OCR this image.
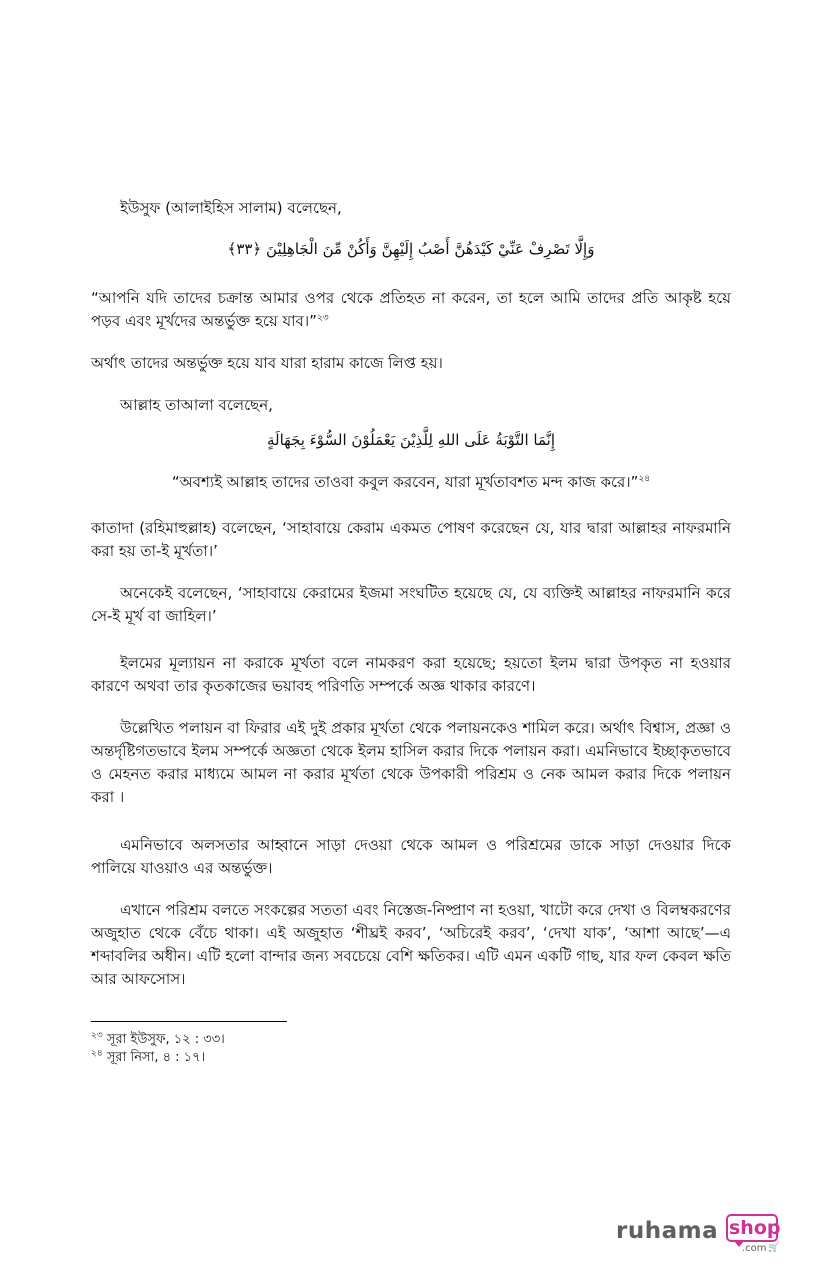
ইউসুফ (আলাইহিস সালাম) বলেছেন,
وَإِلَّا تَصْرِفْ عَنِّيْ كَيْدَهُنَّ أَصْبُ إِلَيْهِنَّ وَأَكُنْ مِّنَ الْجَاهِلِيْنَ ﴿٣٣﴾
“আপনি যদি তাদের চক্রান্ত আমার ওপর থেকে প্রতিহত না করেন, তা হলে আমি তাদের প্রতি আকৃষ্ট হয়ে পড়ব এবং মূর্খদের অন্তর্ভুক্ত হয়ে যাব।”$^{২৩}$
অর্থাৎ তাদের অন্তর্ভুক্ত হয়ে যাব যারা হারাম কাজে লিপ্ত হয়।
আল্লাহ তাআলা বলেছেন,
إِنَّمَا التَّوْبَةُ عَلَى اللهِ لِلَّذِيْنَ يَعْمَلُوْنَ السُّوْءَ بِجَهَالَةٍ
“অবশ্যই আল্লাহ তাদের তাওবা কবুল করবেন, যারা মূর্খতাবশত মন্দ কাজ করে।”$^{২৪}$
কাতাদা (রহিমাহুল্লাহ) বলেছেন, ‘সাহাবায়ে কেরাম একমত পোষণ করেছেন যে, যার দ্বারা আল্লাহর নাফরমানি করা হয় তা-ই মূর্খতা।’
অনেকেই বলেছেন, ‘সাহাবায়ে কেরামের ইজমা সংঘটিত হয়েছে যে, যে ব্যক্তিই আল্লাহর নাফরমানি করে সে-ই মূর্খ বা জাহিল।’
ইলমের মূল্যায়ন না করাকে মূর্খতা বলে নামকরণ করা হয়েছে; হয়তো ইলম দ্বারা উপকৃত না হওয়ার কারণে অথবা তার কৃতকাজের ভয়াবহ পরিণতি সম্পর্কে অজ্ঞ থাকার কারণে।
উল্লেখিত পলায়ন বা ফিরার এই দুই প্রকার মূর্খতা থেকে পলায়নকেও শামিল করে। অর্থাৎ বিশ্বাস, প্রজ্ঞা ও অন্তর্দৃষ্টিগতভাবে ইলম সম্পর্কে অজ্ঞতা থেকে ইলম হাসিল করার দিকে পলায়ন করা। এমনিভাবে ইচ্ছাকৃতভাবে ও মেহনত করার মাধ্যমে আমল না করার মূর্খতা থেকে উপকারী পরিশ্রম ও নেক আমল করার দিকে পলায়ন করা ।
এমনিভাবে অলসতার আহ্বানে সাড়া দেওয়া থেকে আমল ও পরিশ্রমের ডাকে সাড়া দেওয়ার দিকে পালিয়ে যাওয়াও এর অন্তর্ভুক্ত।
এখানে পরিশ্রম বলতে সংকল্পের সততা এবং নিস্তেজ-নিষ্প্রাণ না হওয়া, খাটো করে দেখা ও বিলম্বকরণের অজুহাত থেকে বেঁচে থাকা। এই অজুহাত ‘শীঘ্রই করব’, ‘অচিরেই করব’, ‘দেখা যাক’, ‘আশা আছে’—এ শব্দাবলির অধীন। এটি হলো বান্দার জন্য সবচেয়ে বেশি ক্ষতিকর। এটি এমন একটি গাছ, যার ফল কেবল ক্ষতি আর আফসোস।
$^{২৩}$ সূরা ইউসুফ, ১২ : ৩৩।
$^{২৪}$ সূরা নিসা, ৪ : ১৭।
ruhama shop
.com 🛒
